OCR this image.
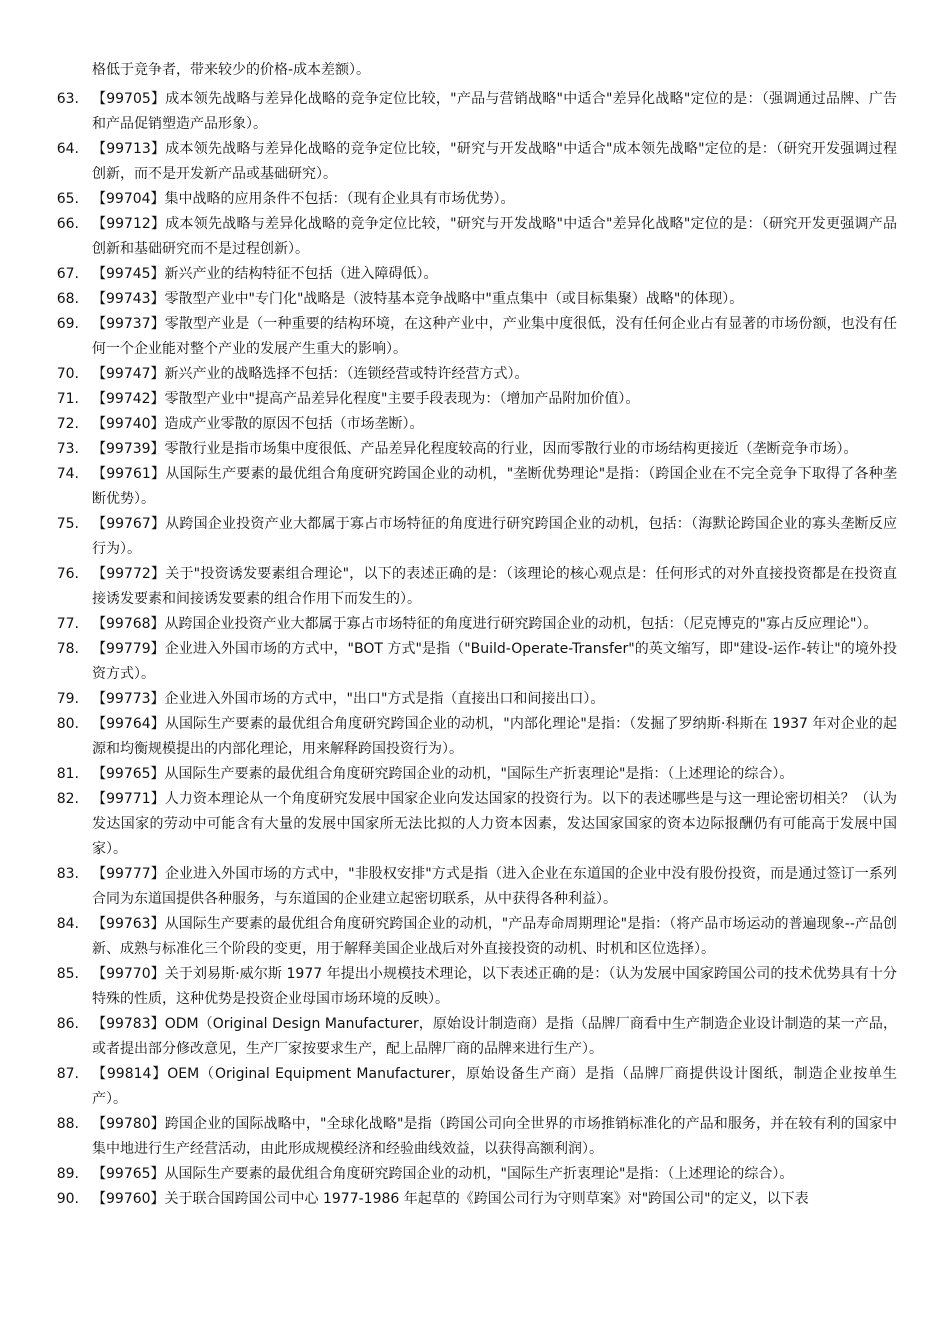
格低于竞争者，带来较少的价格-成本差额）。
63. 【99705】成本领先战略与差异化战略的竞争定位比较，"产品与营销战略"中适合"差异化战略"定位的是：（强调通过品牌、广告和产品促销塑造产品形象）。
64. 【99713】成本领先战略与差异化战略的竞争定位比较，"研究与开发战略"中适合"成本领先战略"定位的是：（研究开发强调过程创新，而不是开发新产品或基础研究）。
65. 【99704】集中战略的应用条件不包括：（现有企业具有市场优势）。
66. 【99712】成本领先战略与差异化战略的竞争定位比较，"研究与开发战略"中适合"差异化战略"定位的是：（研究开发更强调产品创新和基础研究而不是过程创新）。
67. 【99745】新兴产业的结构特征不包括（进入障碍低）。
68. 【99743】零散型产业中"专门化"战略是（波特基本竞争战略中"重点集中（或目标集聚）战略"的体现）。
69. 【99737】零散型产业是（一种重要的结构环境，在这种产业中，产业集中度很低，没有任何企业占有显著的市场份额，也没有任何一个企业能对整个产业的发展产生重大的影响）。
70. 【99747】新兴产业的战略选择不包括：（连锁经营或特许经营方式）。
71. 【99742】零散型产业中"提高产品差异化程度"主要手段表现为：（增加产品附加价值）。
72. 【99740】造成产业零散的原因不包括（市场垄断）。
73. 【99739】零散行业是指市场集中度很低、产品差异化程度较高的行业，因而零散行业的市场结构更接近（垄断竞争市场）。
74. 【99761】从国际生产要素的最优组合角度研究跨国企业的动机，"垄断优势理论"是指：（跨国企业在不完全竞争下取得了各种垄断优势）。
75. 【99767】从跨国企业投资产业大都属于寡占市场特征的角度进行研究跨国企业的动机，包括：（海默论跨国企业的寡头垄断反应行为）。
76. 【99772】关于"投资诱发要素组合理论"，以下的表述正确的是：（该理论的核心观点是：任何形式的对外直接投资都是在投资直接诱发要素和间接诱发要素的组合作用下而发生的）。
77. 【99768】从跨国企业投资产业大都属于寡占市场特征的角度进行研究跨国企业的动机，包括：（尼克博克的"寡占反应理论"）。
78. 【99779】企业进入外国市场的方式中，"BOT 方式"是指（"Build-Operate-Transfer"的英文缩写，即"建设-运作-转让"的境外投资方式）。
79. 【99773】企业进入外国市场的方式中，"出口"方式是指（直接出口和间接出口）。
80. 【99764】从国际生产要素的最优组合角度研究跨国企业的动机，"内部化理论"是指：（发掘了罗纳斯·科斯在 1937 年对企业的起源和均衡规模提出的内部化理论，用来解释跨国投资行为）。
81. 【99765】从国际生产要素的最优组合角度研究跨国企业的动机，"国际生产折衷理论"是指：（上述理论的综合）。
82. 【99771】人力资本理论从一个角度研究发展中国家企业向发达国家的投资行为。以下的表述哪些是与这一理论密切相关？（认为发达国家的劳动中可能含有大量的发展中国家所无法比拟的人力资本因素，发达国家国家的资本边际报酬仍有可能高于发展中国家）。
83. 【99777】企业进入外国市场的方式中，"非股权安排"方式是指（进入企业在东道国的企业中没有股份投资，而是通过签订一系列合同为东道国提供各种服务，与东道国的企业建立起密切联系，从中获得各种利益）。
84. 【99763】从国际生产要素的最优组合角度研究跨国企业的动机，"产品寿命周期理论"是指：（将产品市场运动的普遍现象--产品创新、成熟与标准化三个阶段的变更，用于解释美国企业战后对外直接投资的动机、时机和区位选择）。
85. 【99770】关于刘易斯·威尔斯 1977 年提出小规模技术理论，以下表述正确的是：（认为发展中国家跨国公司的技术优势具有十分特殊的性质，这种优势是投资企业母国市场环境的反映）。
86. 【99783】ODM（Original Design Manufacturer，原始设计制造商）是指（品牌厂商看中生产制造企业设计制造的某一产品，或者提出部分修改意见，生产厂家按要求生产，配上品牌厂商的品牌来进行生产）。
87. 【99814】OEM（Original Equipment Manufacturer，原始设备生产商）是指（品牌厂商提供设计图纸，制造企业按单生产）。
88. 【99780】跨国企业的国际战略中，"全球化战略"是指（跨国公司向全世界的市场推销标准化的产品和服务，并在较有利的国家中集中地进行生产经营活动，由此形成规模经济和经验曲线效益，以获得高额利润）。
89. 【99765】从国际生产要素的最优组合角度研究跨国企业的动机，"国际生产折衷理论"是指：（上述理论的综合）。
90. 【99760】关于联合国跨国公司中心 1977-1986 年起草的《跨国公司行为守则草案》对"跨国公司"的定义，以下表
